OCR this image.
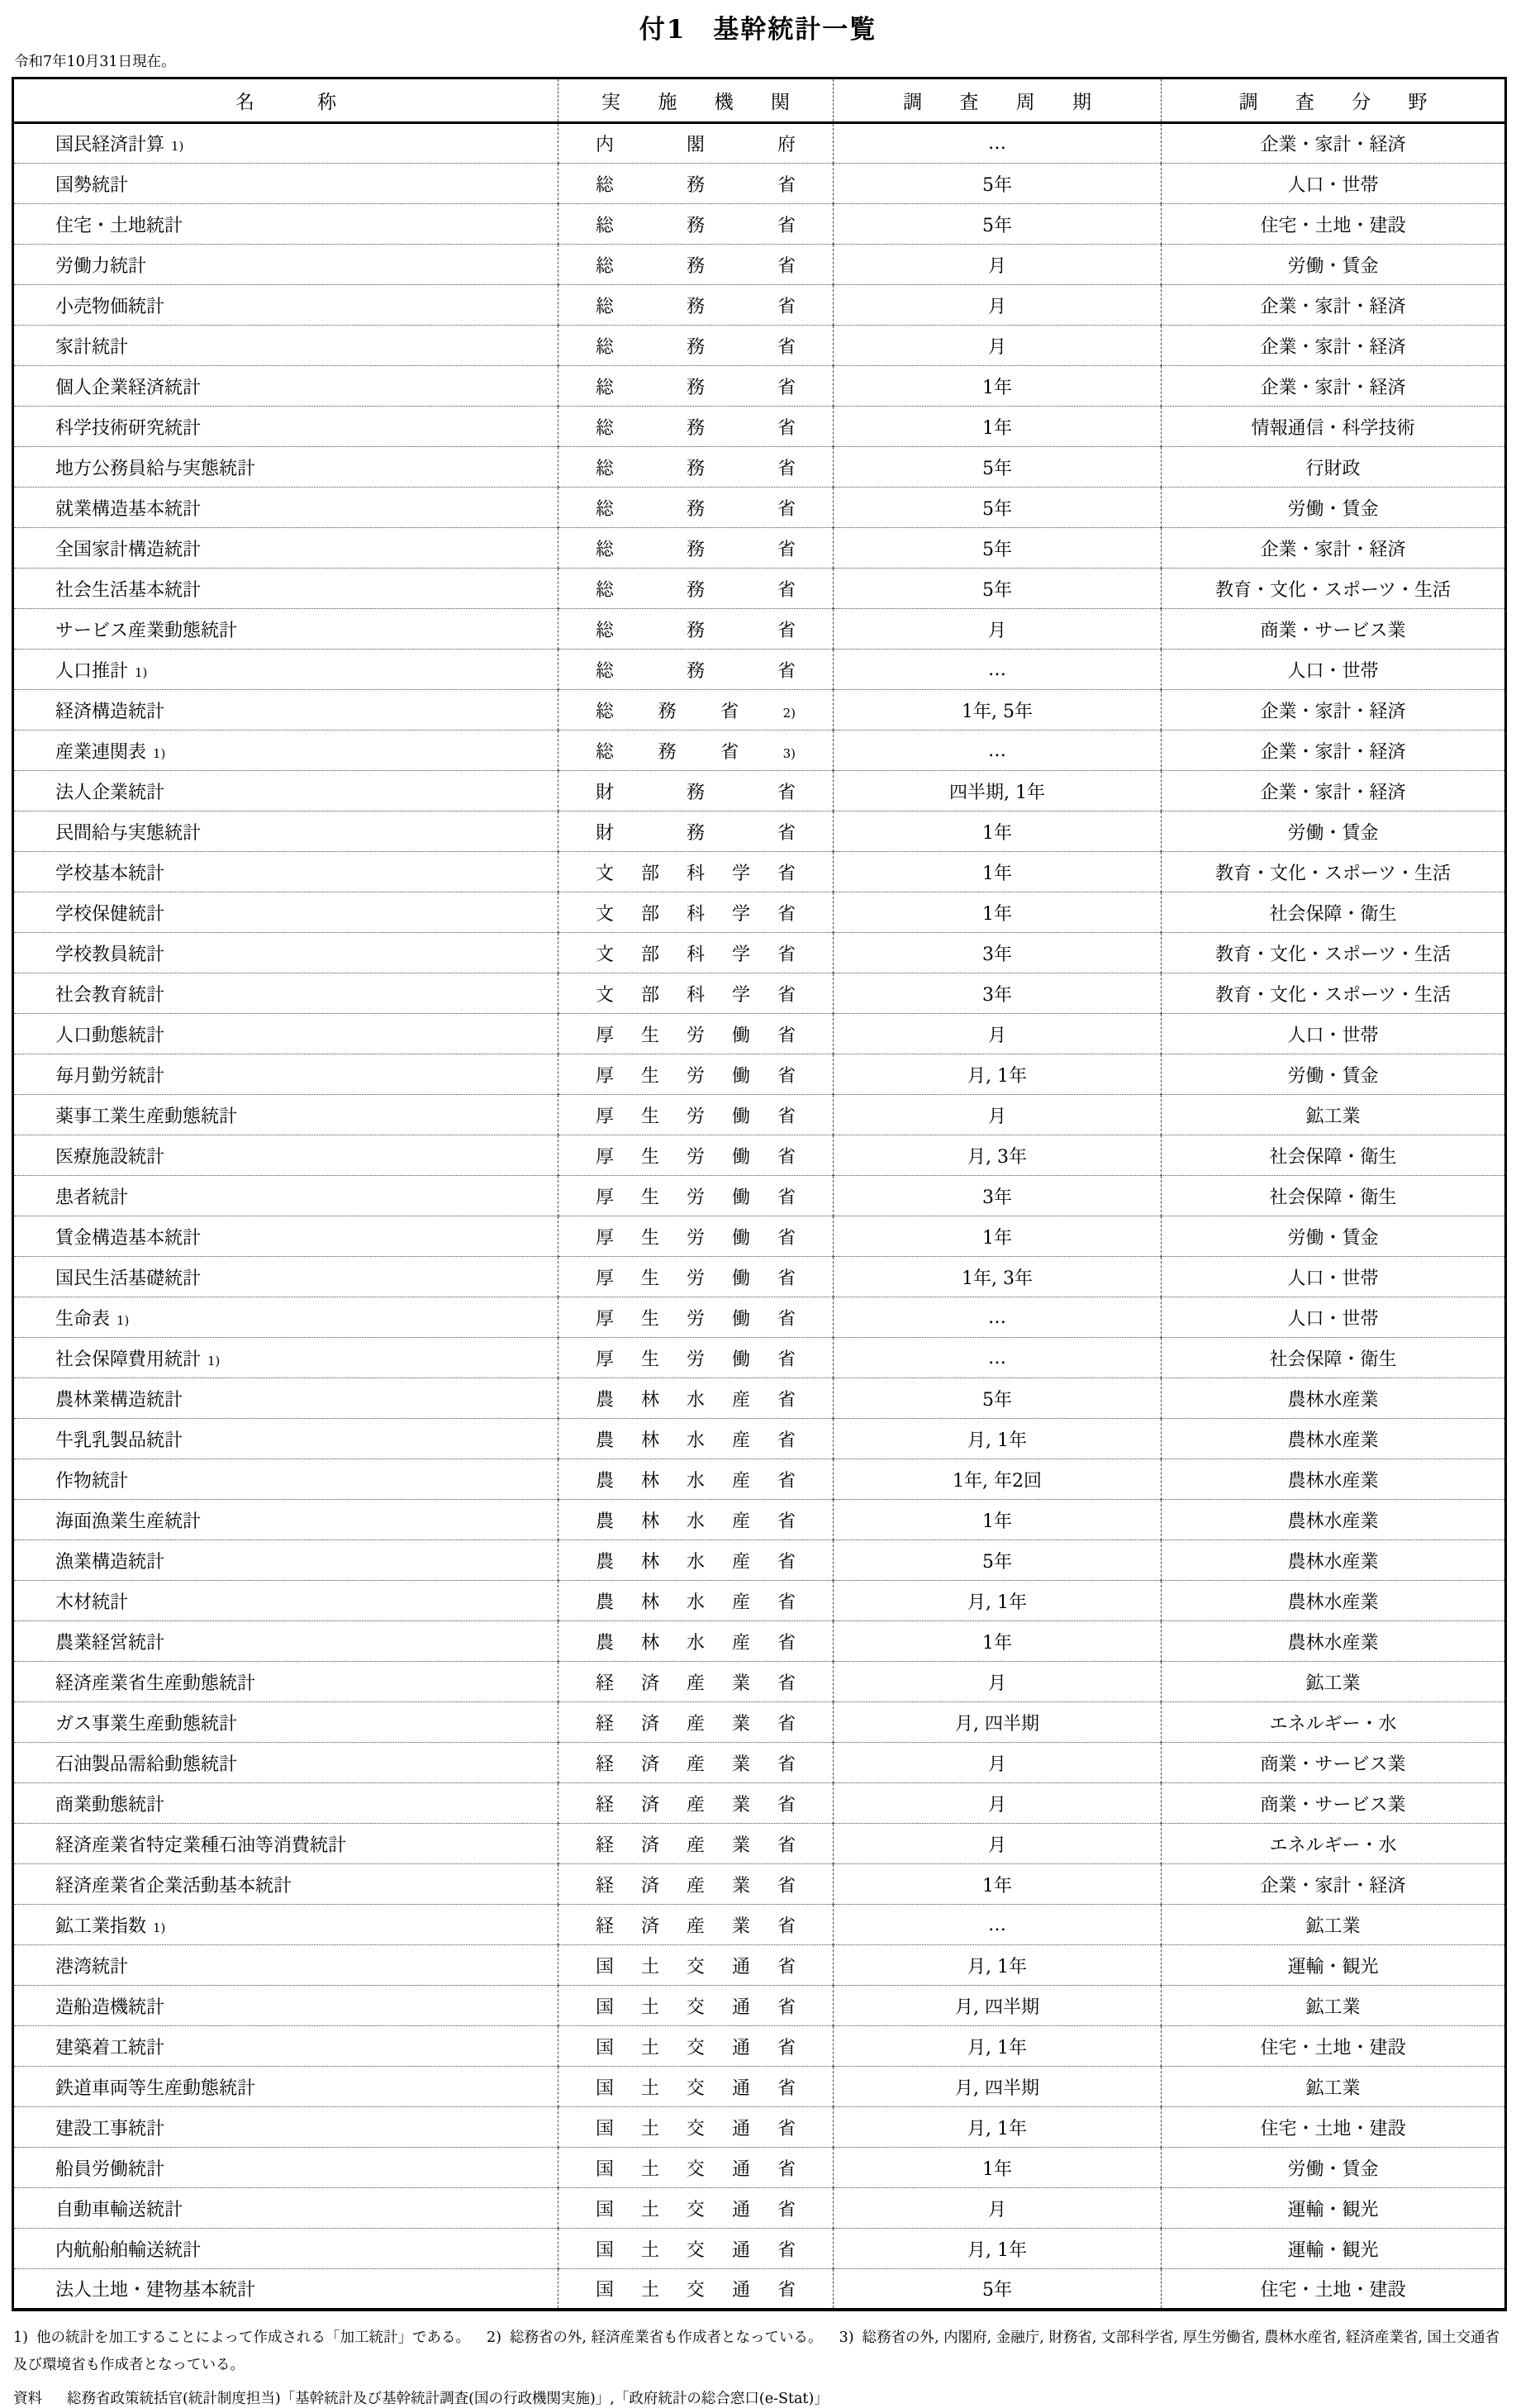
付1　基幹統計一覧
令和7年10月31日現在。
名 称	実 施 機 関	調 査 周 期	調 査 分 野

国民経済計算 1)	内 閣 府	…	企業・家計・経済
国勢統計	総 務 省	5年	人口・世帯
住宅・土地統計	総 務 省	5年	住宅・土地・建設
労働力統計	総 務 省	月	労働・賃金
小売物価統計	総 務 省	月	企業・家計・経済
家計統計	総 務 省	月	企業・家計・経済
個人企業経済統計	総 務 省	1年	企業・家計・経済
科学技術研究統計	総 務 省	1年	情報通信・科学技術
地方公務員給与実態統計	総 務 省	5年	行財政
就業構造基本統計	総 務 省	5年	労働・賃金
全国家計構造統計	総 務 省	5年	企業・家計・経済
社会生活基本統計	総 務 省	5年	教育・文化・スポーツ・生活
サービス産業動態統計	総 務 省	月	商業・サービス業
人口推計 1)	総 務 省	…	人口・世帯
経済構造統計	総 務 省 2)	1年, 5年	企業・家計・経済
産業連関表 1)	総 務 省 3)	…	企業・家計・経済
法人企業統計	財 務 省	四半期, 1年	企業・家計・経済
民間給与実態統計	財 務 省	1年	労働・賃金
学校基本統計	文 部 科 学 省	1年	教育・文化・スポーツ・生活
学校保健統計	文 部 科 学 省	1年	社会保障・衛生
学校教員統計	文 部 科 学 省	3年	教育・文化・スポーツ・生活
社会教育統計	文 部 科 学 省	3年	教育・文化・スポーツ・生活
人口動態統計	厚 生 労 働 省	月	人口・世帯
毎月勤労統計	厚 生 労 働 省	月, 1年	労働・賃金
薬事工業生産動態統計	厚 生 労 働 省	月	鉱工業
医療施設統計	厚 生 労 働 省	月, 3年	社会保障・衛生
患者統計	厚 生 労 働 省	3年	社会保障・衛生
賃金構造基本統計	厚 生 労 働 省	1年	労働・賃金
国民生活基礎統計	厚 生 労 働 省	1年, 3年	人口・世帯
生命表 1)	厚 生 労 働 省	…	人口・世帯
社会保障費用統計 1)	厚 生 労 働 省	…	社会保障・衛生
農林業構造統計	農 林 水 産 省	5年	農林水産業
牛乳乳製品統計	農 林 水 産 省	月, 1年	農林水産業
作物統計	農 林 水 産 省	1年, 年2回	農林水産業
海面漁業生産統計	農 林 水 産 省	1年	農林水産業
漁業構造統計	農 林 水 産 省	5年	農林水産業
木材統計	農 林 水 産 省	月, 1年	農林水産業
農業経営統計	農 林 水 産 省	1年	農林水産業
経済産業省生産動態統計	経 済 産 業 省	月	鉱工業
ガス事業生産動態統計	経 済 産 業 省	月, 四半期	エネルギー・水
石油製品需給動態統計	経 済 産 業 省	月	商業・サービス業
商業動態統計	経 済 産 業 省	月	商業・サービス業
経済産業省特定業種石油等消費統計	経 済 産 業 省	月	エネルギー・水
経済産業省企業活動基本統計	経 済 産 業 省	1年	企業・家計・経済
鉱工業指数 1)	経 済 産 業 省	…	鉱工業
港湾統計	国 土 交 通 省	月, 1年	運輸・観光
造船造機統計	国 土 交 通 省	月, 四半期	鉱工業
建築着工統計	国 土 交 通 省	月, 1年	住宅・土地・建設
鉄道車両等生産動態統計	国 土 交 通 省	月, 四半期	鉱工業
建設工事統計	国 土 交 通 省	月, 1年	住宅・土地・建設
船員労働統計	国 土 交 通 省	1年	労働・賃金
自動車輸送統計	国 土 交 通 省	月	運輸・観光
内航船舶輸送統計	国 土 交 通 省	月, 1年	運輸・観光
法人土地・建物基本統計	国 土 交 通 省	5年	住宅・土地・建設
1) 他の統計を加工することによって作成される「加工統計」である。 2) 総務省の外, 経済産業省も作成者となっている。 3) 総務省の外, 内閣府, 金融庁, 財務省, 文部科学省, 厚生労働省, 農林水産省, 経済産業省, 国土交通省及び環境省も作成者となっている。
資料 総務省政策統括官(統計制度担当)「基幹統計及び基幹統計調査(国の行政機関実施)」,「政府統計の総合窓口(e-Stat)」
